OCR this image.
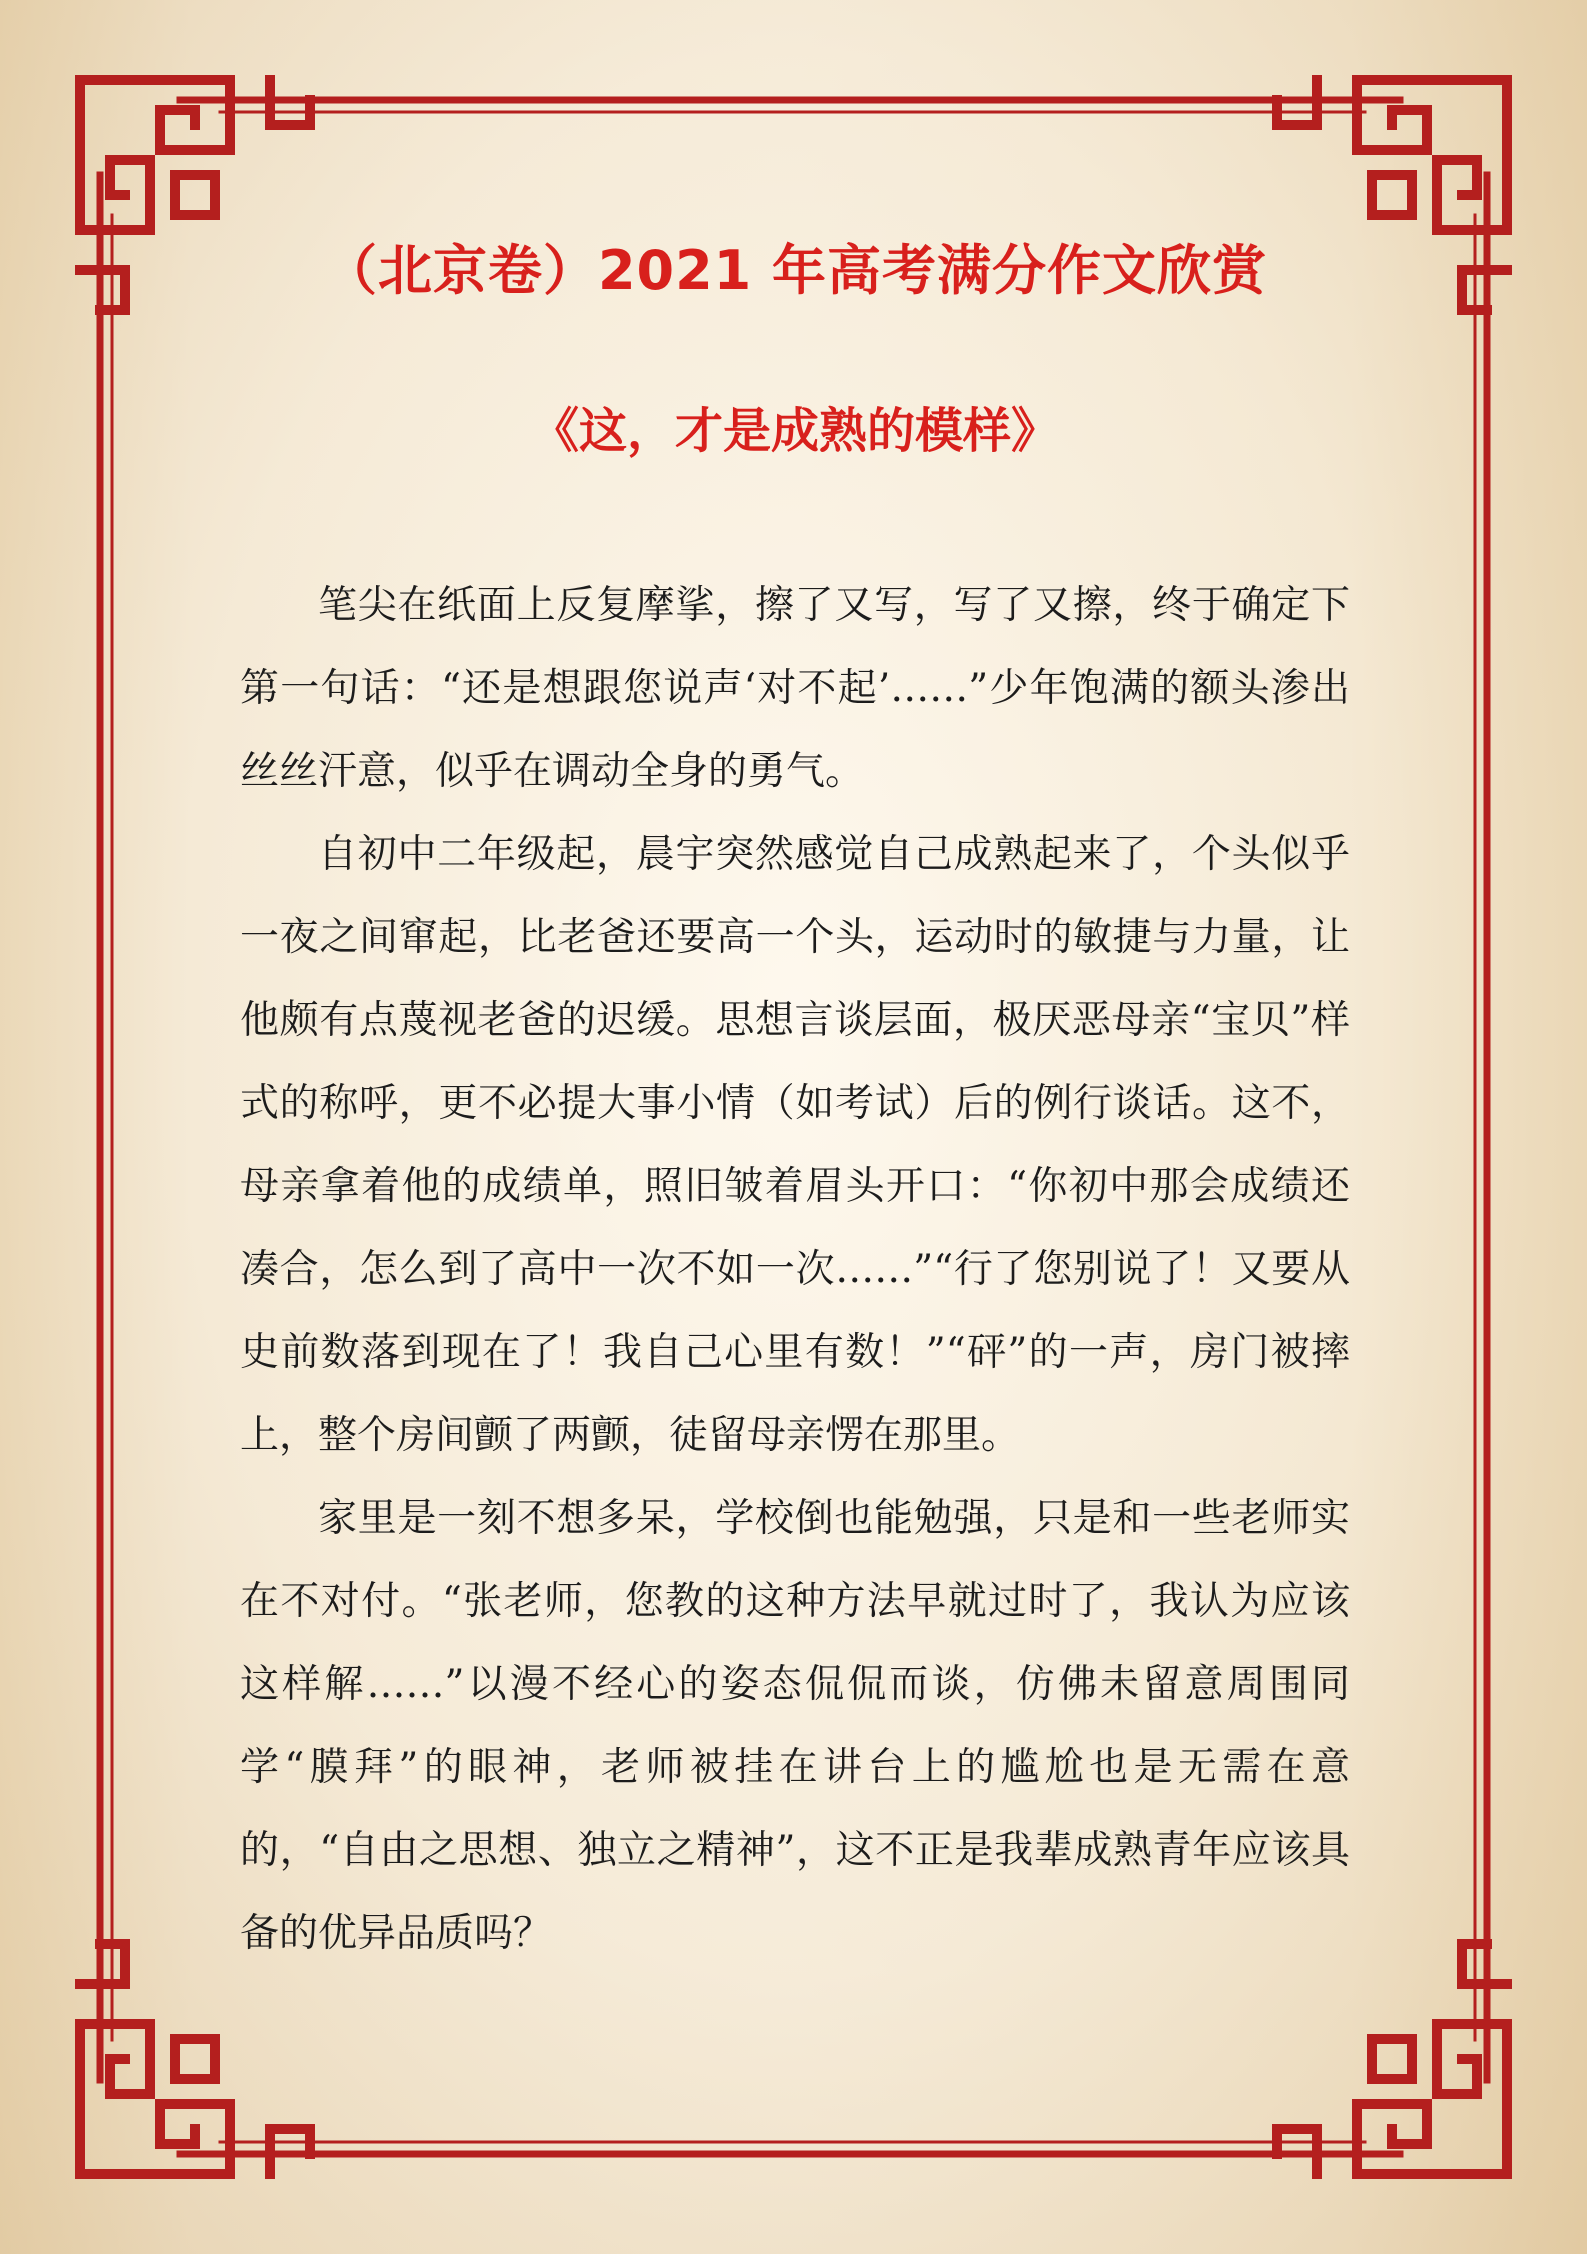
（北京卷）2021 年高考满分作文欣赏
《这，才是成熟的模样》

笔尖在纸面上反复摩挲，擦了又写，写了又擦，终于确定下第一句话：“还是想跟您说声‘对不起’……”少年饱满的额头渗出丝丝汗意，似乎在调动全身的勇气。

自初中二年级起，晨宇突然感觉自己成熟起来了，个头似乎一夜之间窜起，比老爸还要高一个头，运动时的敏捷与力量，让他颇有点蔑视老爸的迟缓。思想言谈层面，极厌恶母亲“宝贝”样式的称呼，更不必提大事小情（如考试）后的例行谈话。这不，母亲拿着他的成绩单，照旧皱着眉头开口：“你初中那会成绩还凑合，怎么到了高中一次不如一次……”“行了您别说了！又要从史前数落到现在了！我自己心里有数！”“砰”的一声，房门被摔上，整个房间颤了两颤，徒留母亲愣在那里。

家里是一刻不想多呆，学校倒也能勉强，只是和一些老师实在不对付。“张老师，您教的这种方法早就过时了，我认为应该这样解……”以漫不经心的姿态侃侃而谈，仿佛未留意周围同学“膜拜”的眼神，老师被挂在讲台上的尴尬也是无需在意的，“自由之思想、独立之精神”，这不正是我辈成熟青年应该具备的优异品质吗？
